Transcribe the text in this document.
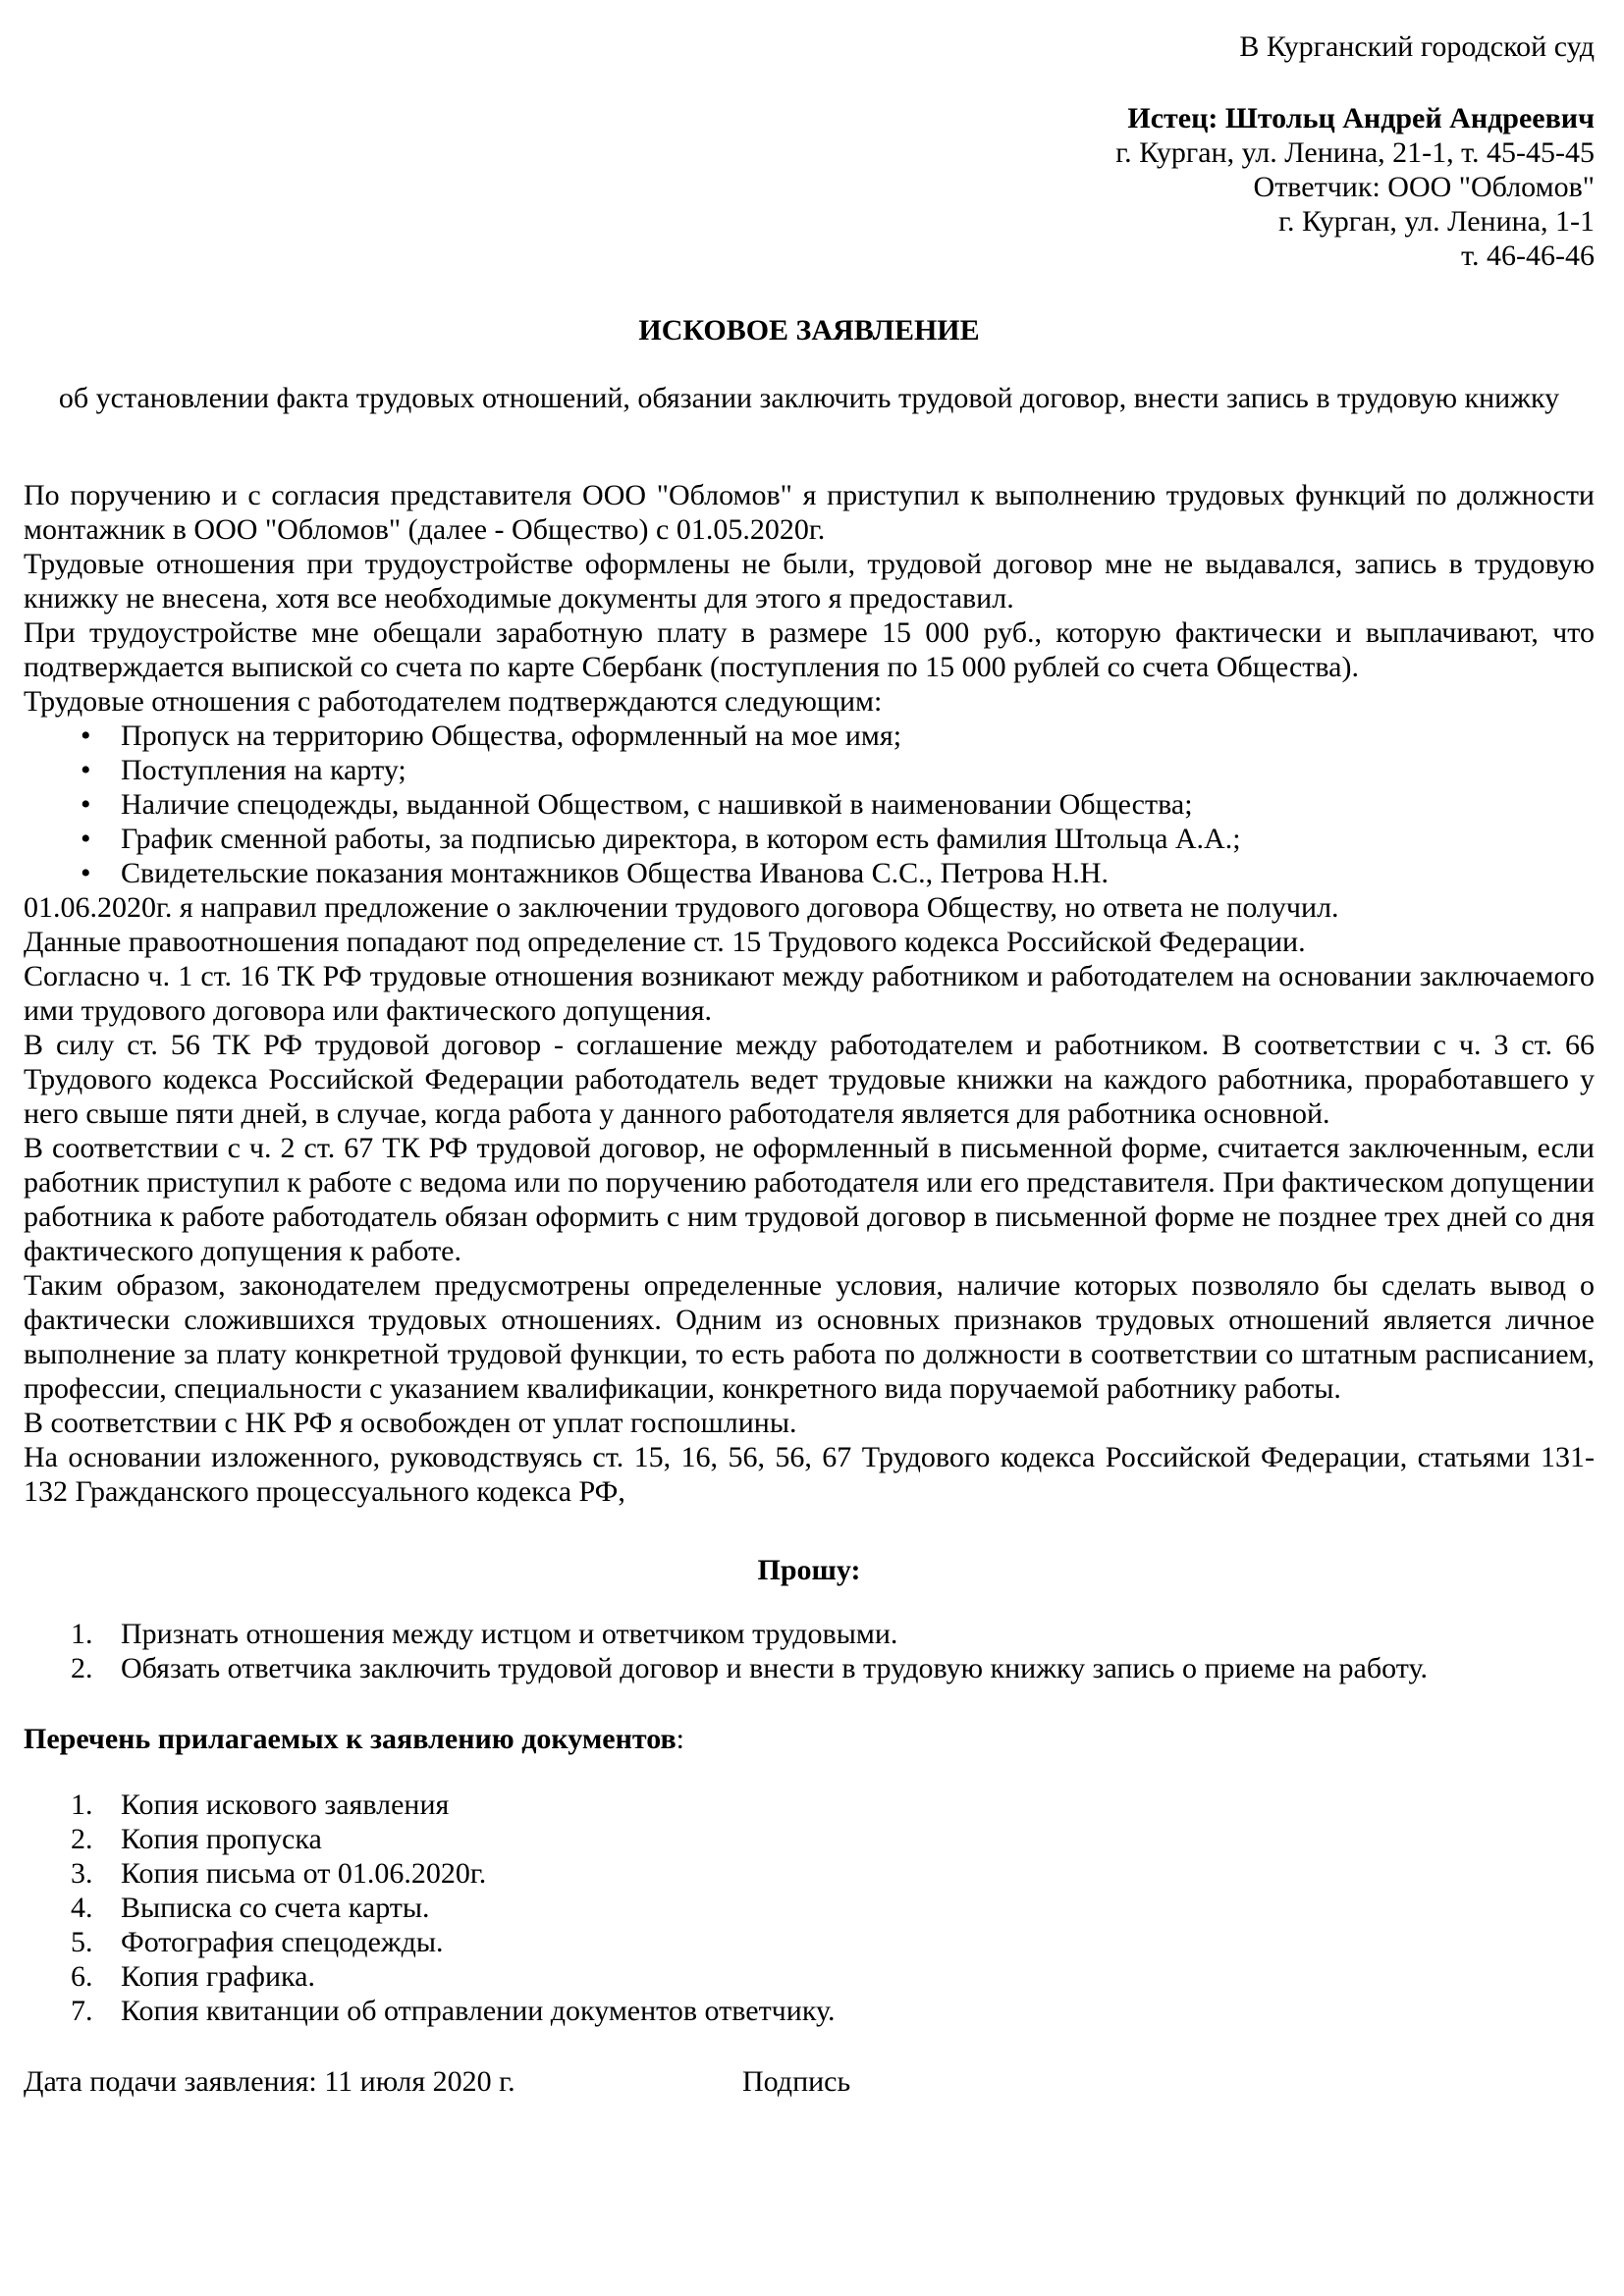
В Курганский городской суд

Истец: Штольц Андрей Андреевич

г. Курган, ул. Ленина, 21-1, т. 45-45-45

Ответчик: ООО "Обломов"

г. Курган, ул. Ленина, 1-1

т. 46-46-46

ИСКОВОЕ ЗАЯВЛЕНИЕ
об установлении факта трудовых отношений, обязании заключить трудовой договор, внести запись в трудовую книжку

По поручению и с согласия представителя ООО "Обломов" я приступил к выполнению трудовых функций по должности монтажник в ООО "Обломов" (далее - Общество) с 01.05.2020г.

Трудовые отношения при трудоустройстве оформлены не были, трудовой договор мне не выдавался, запись в трудовую книжку не внесена, хотя все необходимые документы для этого я предоставил.

При трудоустройстве мне обещали заработную плату в размере 15 000 руб., которую фактически и выплачивают, что подтверждается выпиской со счета по карте Сбербанк (поступления по 15 000 рублей со счета Общества).

Трудовые отношения с работодателем подтверждаются следующим:

• Пропуск на территорию Общества, оформленный на мое имя;
• Поступления на карту;
• Наличие спецодежды, выданной Обществом, с нашивкой в наименовании Общества;
• График сменной работы, за подписью директора, в котором есть фамилия Штольца А.А.;
• Свидетельские показания монтажников Общества Иванова С.С., Петрова Н.Н.

01.06.2020г. я направил предложение о заключении трудового договора Обществу, но ответа не получил.

Данные правоотношения попадают под определение ст. 15 Трудового кодекса Российской Федерации.

Согласно ч. 1 ст. 16 ТК РФ трудовые отношения возникают между работником и работодателем на основании заключаемого ими трудового договора или фактического допущения.

В силу ст. 56 ТК РФ трудовой договор - соглашение между работодателем и работником. В соответствии с ч. 3 ст. 66 Трудового кодекса Российской Федерации работодатель ведет трудовые книжки на каждого работника, проработавшего у него свыше пяти дней, в случае, когда работа у данного работодателя является для работника основной.

В соответствии с ч. 2 ст. 67 ТК РФ трудовой договор, не оформленный в письменной форме, считается заключенным, если работник приступил к работе с ведома или по поручению работодателя или его представителя. При фактическом допущении работника к работе работодатель обязан оформить с ним трудовой договор в письменной форме не позднее трех дней со дня фактического допущения к работе.

Таким образом, законодателем предусмотрены определенные условия, наличие которых позволяло бы сделать вывод о фактически сложившихся трудовых отношениях. Одним из основных признаков трудовых отношений является личное выполнение за плату конкретной трудовой функции, то есть работа по должности в соответствии со штатным расписанием, профессии, специальности с указанием квалификации, конкретного вида поручаемой работнику работы.

В соответствии с НК РФ я освобожден от уплат госпошлины.

На основании изложенного, руководствуясь ст. 15, 16, 56, 56, 67 Трудового кодекса Российской Федерации, статьями 131-132 Гражданского процессуального кодекса РФ,

Прошу:
1. Признать отношения между истцом и ответчиком трудовыми.
2. Обязать ответчика заключить трудовой договор и внести в трудовую книжку запись о приеме на работу.
Перечень прилагаемых к заявлению документов:
1. Копия искового заявления
2. Копия пропуска
3. Копия письма от 01.06.2020г.
4. Выписка со счета карты.
5. Фотография спецодежды.
6. Копия графика.
7. Копия квитанции об отправлении документов ответчику.
Дата подачи заявления: 11 июля 2020 г.	Подпись
